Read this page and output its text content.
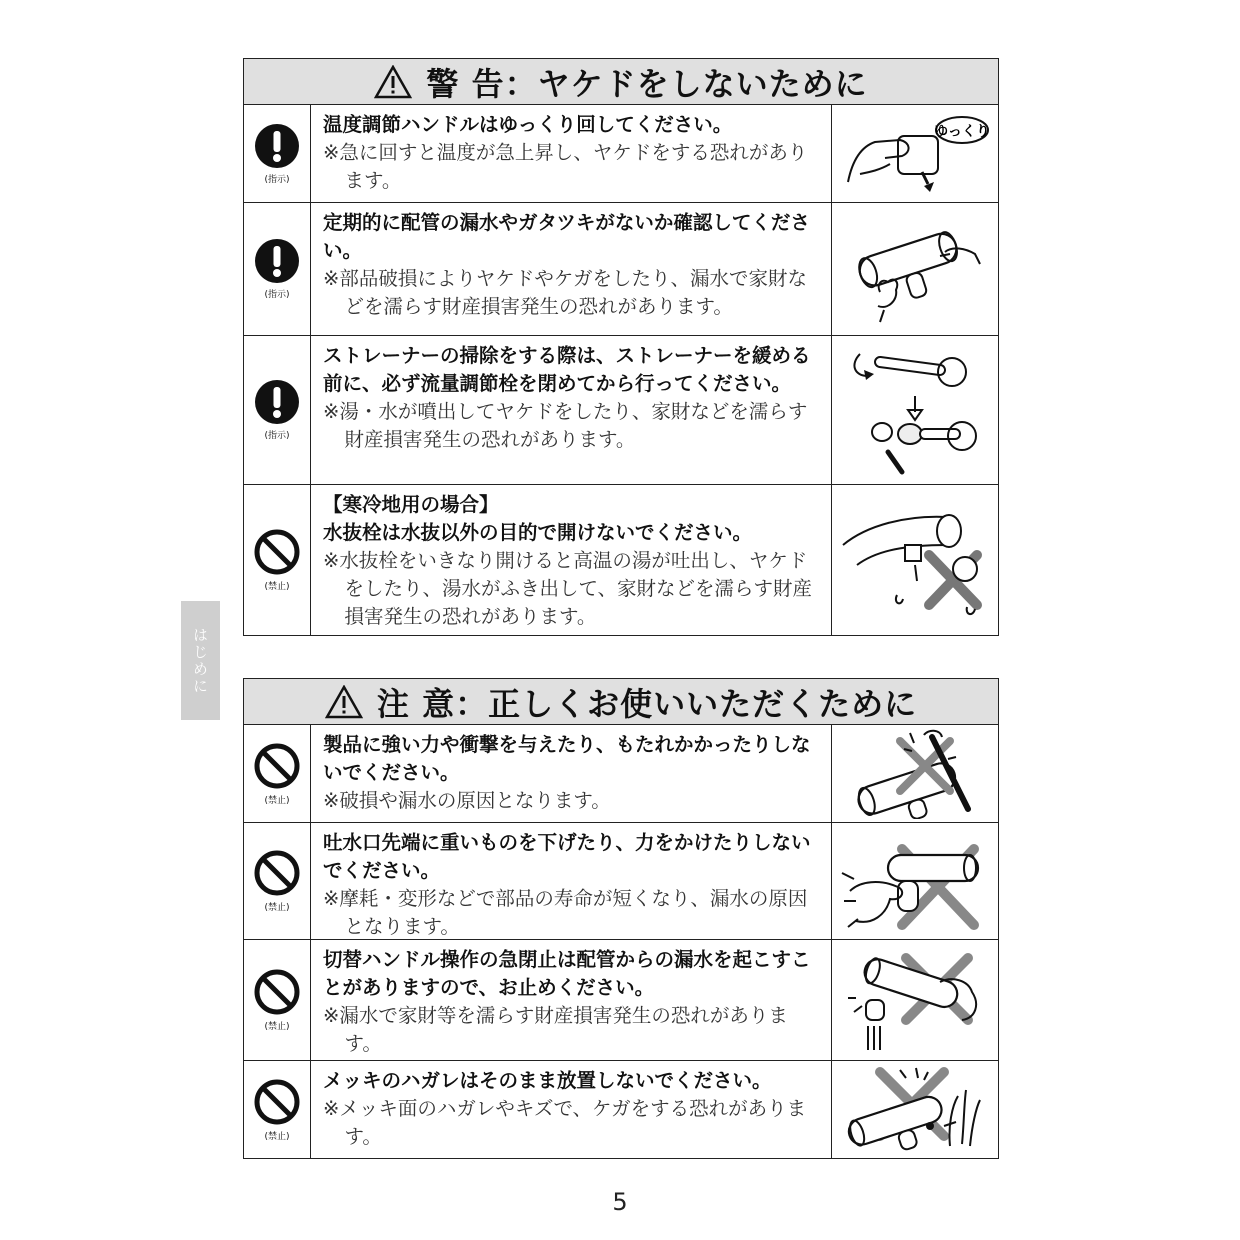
警 告：ヤケドをしないために
(指示)
温度調節ハンドルはゆっくり回してください。
※急に回すと温度が急上昇し、ヤケドをする恐れがあります。
ゆっくり
(指示)
定期的に配管の漏水やガタツキがないか確認してください。
※部品破損によりヤケドやケガをしたり、漏水で家財などを濡らす財産損害発生の恐れがあります。
(指示)
ストレーナーの掃除をする際は、ストレーナーを緩める前に、必ず流量調節栓を閉めてから行ってください。
※湯・水が噴出してヤケドをしたり、家財などを濡らす財産損害発生の恐れがあります。
(禁止)
【寒冷地用の場合】
水抜栓は水抜以外の目的で開けないでください。
※水抜栓をいきなり開けると高温の湯が吐出し、ヤケドをしたり、湯水がふき出して、家財などを濡らす財産損害発生の恐れがあります。
はじめに
注 意：正しくお使いいただくために
(禁止)
製品に強い力や衝撃を与えたり、もたれかかったりしないでください。
※破損や漏水の原因となります。
(禁止)
吐水口先端に重いものを下げたり、力をかけたりしないでください。
※摩耗・変形などで部品の寿命が短くなり、漏水の原因となります。
(禁止)
切替ハンドル操作の急閉止は配管からの漏水を起こすことがありますので、お止めください。
※漏水で家財等を濡らす財産損害発生の恐れがあります。
(禁止)
メッキのハガレはそのまま放置しないでください。
※メッキ面のハガレやキズで、ケガをする恐れがあります。
5
